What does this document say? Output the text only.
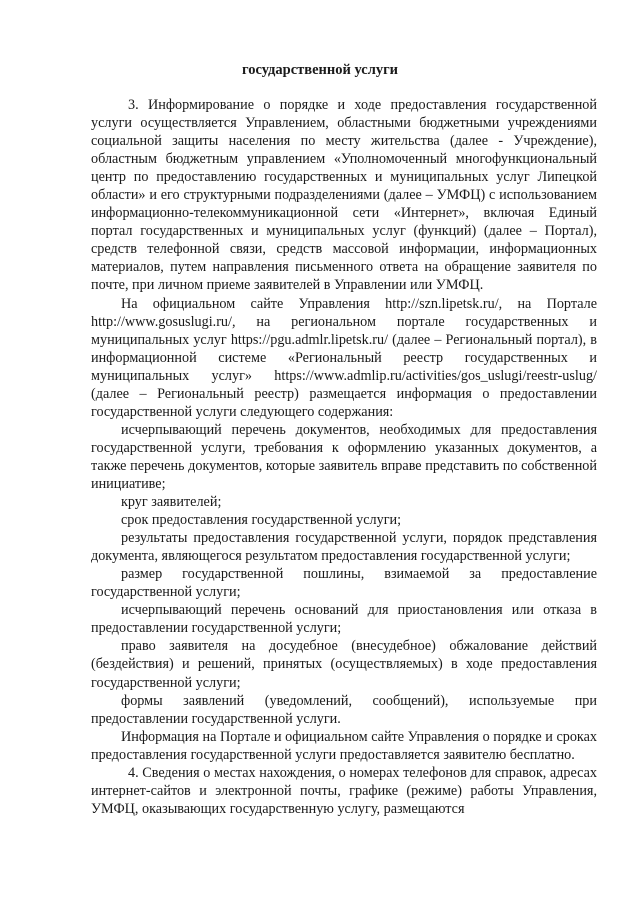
государственной услуги

3. Информирование о порядке и ходе предоставления государственной услуги осуществляется Управлением, областными бюджетными учреждениями социальной защиты населения по месту жительства (далее - Учреждение), областным бюджетным управлением «Уполномоченный многофункциональный центр по предоставлению государственных и муниципальных услуг Липецкой области» и его структурными подразделениями (далее – УМФЦ) с использованием информационно-телекоммуникационной сети «Интернет», включая Единый портал государственных и муниципальных услуг (функций) (далее – Портал), средств телефонной связи, средств массовой информации, информационных материалов, путем направления письменного ответа на обращение заявителя по почте, при личном приеме заявителей в Управлении или УМФЦ.

На официальном сайте Управления http://szn.lipetsk.ru/, на Портале http://www.gosuslugi.ru/, на региональном портале государственных и муниципальных услуг https://pgu.admlr.lipetsk.ru/ (далее – Региональный портал), в информационной системе «Региональный реестр государственных и муниципальных услуг» https://www.admlip.ru/activities/gos_uslugi/reestr-uslug/ (далее – Региональный реестр) размещается информация о предоставлении государственной услуги следующего содержания:

исчерпывающий перечень документов, необходимых для предоставления государственной услуги, требования к оформлению указанных документов, а также перечень документов, которые заявитель вправе представить по собственной инициативе;

круг заявителей;

срок предоставления государственной услуги;

результаты предоставления государственной услуги, порядок представления документа, являющегося результатом предоставления государственной услуги;

размер государственной пошлины, взимаемой за предоставление государственной услуги;

исчерпывающий перечень оснований для приостановления или отказа в предоставлении государственной услуги;

право заявителя на досудебное (внесудебное) обжалование действий (бездействия) и решений, принятых (осуществляемых) в ходе предоставления государственной услуги;

формы заявлений (уведомлений, сообщений), используемые при предоставлении государственной услуги.

Информация на Портале и официальном сайте Управления о порядке и сроках предоставления государственной услуги предоставляется заявителю бесплатно.

4. Сведения о местах нахождения, о номерах телефонов для справок, адресах интернет-сайтов и электронной почты, графике (режиме) работы Управления, УМФЦ, оказывающих государственную услугу, размещаются
